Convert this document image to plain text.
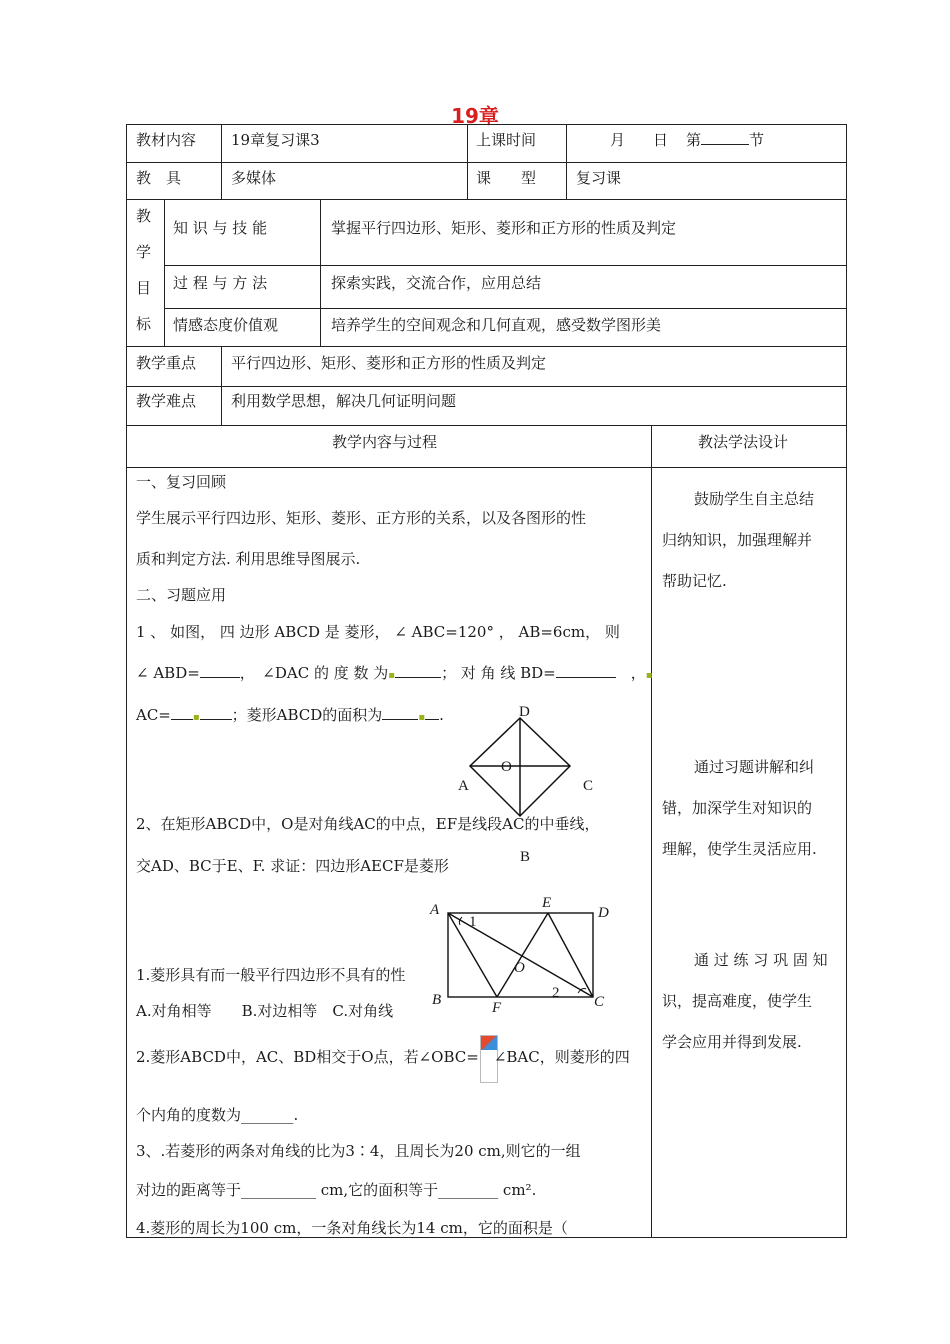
19章
教材内容 19章复习课3	上课时间	月 日 第	节
教　具	多媒体	课　　型	复习课
教
学
目
标
知 识 与 技 能	掌握平行四边形、矩形、菱形和正方形的性质及判定
过 程 与 方 法	探索实践，交流合作，应用总结
情感态度价值观	培养学生的空间观念和几何直观，感受数学图形美
教学重点 平行四边形、矩形、菱形和正方形的性质及判定
教学难点 利用数学思想，解决几何证明问题
教学内容与过程	教法学法设计
一、复习回顾
学生展示平行四边形、矩形、菱形、正方形的关系，以及各图形的性
质和判定方法. 利用思维导图展示.
二、习题应用
1 、 如图， 四 边形 ABCD 是 菱形， ∠ ABC=120° ， AB=6cm， 则
∠ ABD=	，　∠DAC 的 度 数 为▪	； 对 角 线 BD=	　，▪
AC= ▪ ；菱形ABCD的面积为	▪ .	D
A
O
C
B
2、在矩形ABCD中，O是对角线AC的中点，EF是线段AC的中垂线，
交AD、BC于E、F. 求证：四边形AECF是菱形
A
1
E
D
O
2
B	F	C
1.菱形具有而一般平行四边形不具有的性
A.对角相等　　B.对边相等　C.对角线
2.菱形ABCD中，AC、BD相交于O点，若∠OBC=　∠BAC，则菱形的四
个内角的度数为_______.
3、.若菱形的两条对角线的比为3∶4，且周长为20 cm,则它的一组
对边的距离等于__________ cm,它的面积等于________ cm².
4.菱形的周长为100 cm，一条对角线长为14 cm，它的面积是（
鼓励学生自主总结
归纳知识，加强理解并
帮助记忆.
通过习题讲解和纠
错，加深学生对知识的
理解，使学生灵活应用.
通 过 练 习 巩 固 知
识，提高难度，使学生
学会应用并得到发展.
